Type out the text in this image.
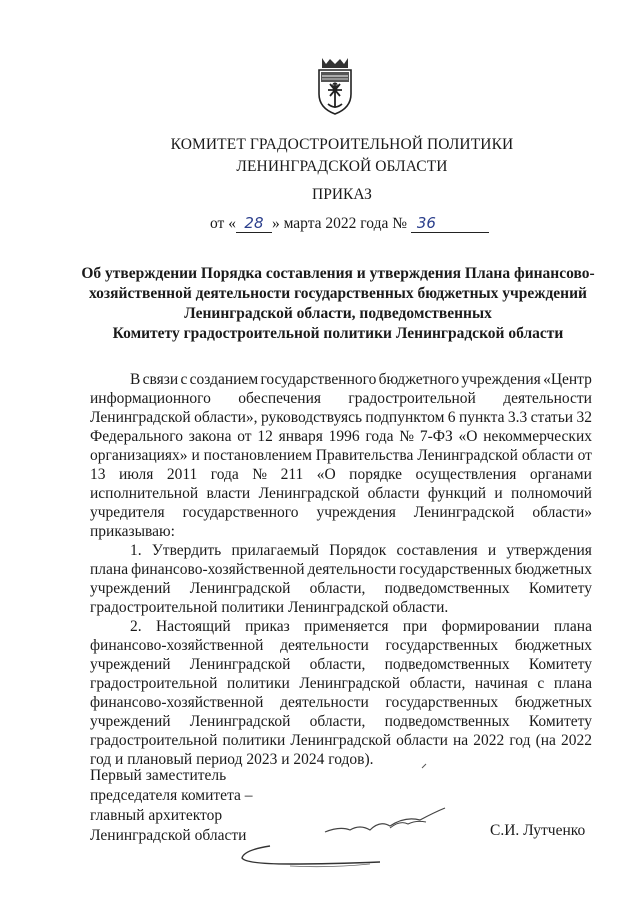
КОМИТЕТ ГРАДОСТРОИТЕЛЬНОЙ ПОЛИТИКИ
ЛЕНИНГРАДСКОЙ ОБЛАСТИ
ПРИКАЗ
от « 28 » марта 2022 года № 36
Об утверждении Порядка составления и утверждения Плана финансово-
хозяйственной деятельности государственных бюджетных учреждений
Ленинградской области, подведомственных
Комитету градостроительной политики Ленинградской области
В связи с созданием государственного бюджетного учреждения «Центр
информационного обеспечения градостроительной деятельности
Ленинградской области», руководствуясь подпунктом 6 пункта 3.3 статьи 32
Федерального закона от 12 января 1996 года № 7-ФЗ «О некоммерческих
организациях» и постановлением Правительства Ленинградской области от
13 июля 2011 года № 211 «О порядке осуществления органами
исполнительной власти Ленинградской области функций и полномочий
учредителя государственного учреждения Ленинградской области»
приказываю:
1. Утвердить прилагаемый Порядок составления и утверждения
плана финансово-хозяйственной деятельности государственных бюджетных
учреждений Ленинградской области, подведомственных Комитету
градостроительной политики Ленинградской области.
2. Настоящий приказ применяется при формировании плана
финансово-хозяйственной деятельности государственных бюджетных
учреждений Ленинградской области, подведомственных Комитету
градостроительной политики Ленинградской области, начиная с плана
финансово-хозяйственной деятельности государственных бюджетных
учреждений Ленинградской области, подведомственных Комитету
градостроительной политики Ленинградской области на 2022 год (на 2022
год и плановый период 2023 и 2024 годов).
Первый заместитель
председателя комитета –
главный архитектор
Ленинградской области	С.И. Лутченко
